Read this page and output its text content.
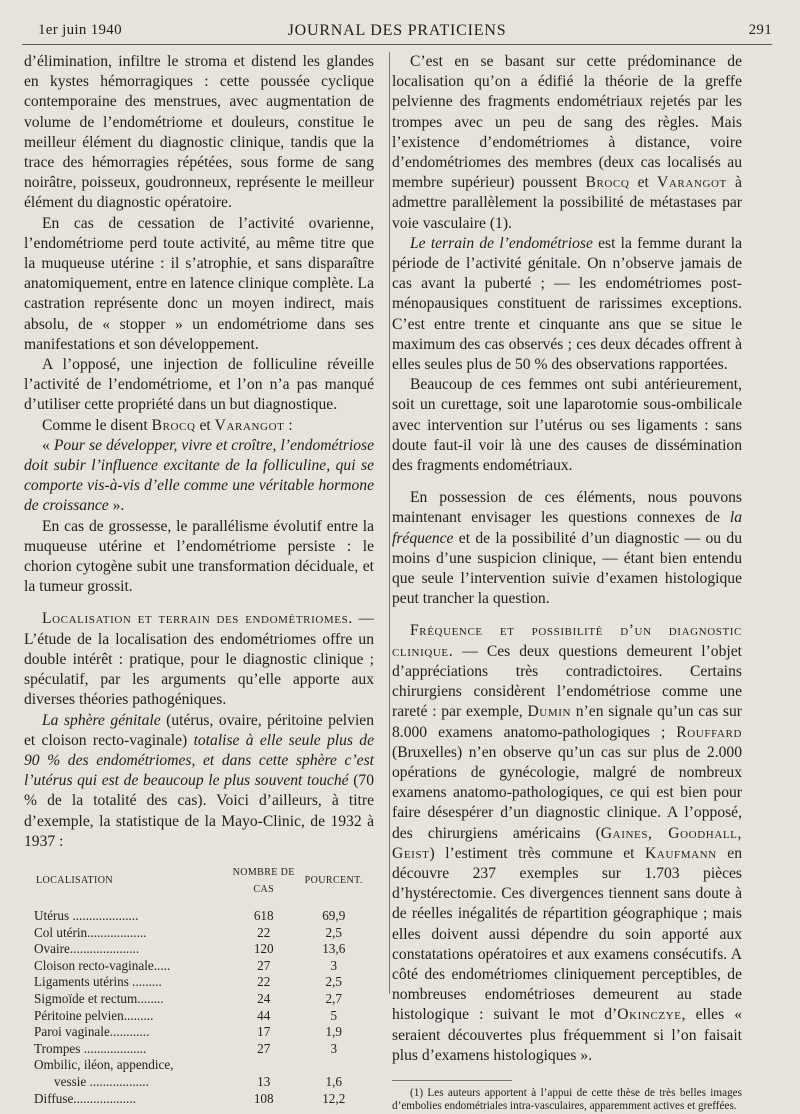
1er juin 1940	JOURNAL DES PRATICIENS	291

d’élimination, infiltre le stroma et distend les glandes en kystes hémorragiques : cette poussée cyclique contemporaine des menstrues, avec augmentation de volume de l’endométriome et douleurs, constitue le meilleur élément du diagnostic clinique, tandis que la trace des hémorragies répétées, sous forme de sang noirâtre, poisseux, goudronneux, représente le meilleur élément du diagnostic opératoire.

En cas de cessation de l’activité ovarienne, l’endométriome perd toute activité, au même titre que la muqueuse utérine : il s’atrophie, et sans disparaître anatomiquement, entre en latence clinique complète. La castration représente donc un moyen indirect, mais absolu, de « stopper » un endométriome dans ses manifestations et son développement.

A l’opposé, une injection de folliculine réveille l’activité de l’endométriome, et l’on n’a pas manqué d’utiliser cette propriété dans un but diagnostique.

Comme le disent Brocq et Varangot :

« Pour se développer, vivre et croître, l’endométriose doit subir l’influence excitante de la folliculine, qui se comporte vis-à-vis d’elle comme une véritable hormone de croissance ».

En cas de grossesse, le parallélisme évolutif entre la muqueuse utérine et l’endométriome persiste : le chorion cytogène subit une transformation déciduale, et la tumeur grossit.

Localisation et terrain des endométriomes. — L’étude de la localisation des endométriomes offre un double intérêt : pratique, pour le diagnostic clinique ; spéculatif, par les arguments qu’elle apporte aux diverses théories pathogéniques.

La sphère génitale (utérus, ovaire, péritoine pelvien et cloison recto-vaginale) totalise à elle seule plus de 90 % des endométriomes, et dans cette sphère c’est l’utérus qui est de beaucoup le plus souvent touché (70 % de la totalité des cas). Voici d’ailleurs, à titre d’exemple, la statistique de la Mayo-Clinic, de 1932 à 1937 :

LOCALISATION	NOMBRE DE CAS	POURCENT.
Utérus ....................	618	69,9
Col utérin..................	22	2,5
Ovaire.....................	120	13,6
Cloison recto-vaginale.....	27	3
Ligaments utérins .........	22	2,5
Sigmoïde et rectum........	24	2,7
Péritoine pelvien.........	44	5
Paroi vaginale............	17	1,9
Trompes ...................	27	3
Ombilic, iléon, appendice,		
vessie ..................	13	1,6
Diffuse...................	108	12,2

C’est en se basant sur cette prédominance de localisation qu’on a édifié la théorie de la greffe pelvienne des fragments endométriaux rejetés par les trompes avec un peu de sang des règles. Mais l’existence d’endométriomes à distance, voire d’endométriomes des membres (deux cas localisés au membre supérieur) poussent Brocq et Varangot à admettre parallèlement la possibilité de métastases par voie vasculaire (1).

Le terrain de l’endométriose est la femme durant la période de l’activité génitale. On n’observe jamais de cas avant la puberté ; — les endométriomes post-ménopausiques constituent de rarissimes exceptions. C’est entre trente et cinquante ans que se situe le maximum des cas observés ; ces deux décades offrent à elles seules plus de 50 % des observations rapportées.

Beaucoup de ces femmes ont subi antérieurement, soit un curettage, soit une laparotomie sous-ombilicale avec intervention sur l’utérus ou ses ligaments : sans doute faut-il voir là une des causes de dissémination des fragments endométriaux.

En possession de ces éléments, nous pouvons maintenant envisager les questions connexes de la fréquence et de la possibilité d’un diagnostic — ou du moins d’une suspicion clinique, — étant bien entendu que seule l’intervention suivie d’examen histologique peut trancher la question.

Fréquence et possibilité d’un diagnostic clinique. — Ces deux questions demeurent l’objet d’appréciations très contradictoires. Certains chirurgiens considèrent l’endométriose comme une rareté : par exemple, Dumin n’en signale qu’un cas sur 8.000 examens anatomo-pathologiques ; Rouffard (Bruxelles) n’en observe qu’un cas sur plus de 2.000 opérations de gynécologie, malgré de nombreux examens anatomo-pathologiques, ce qui est bien pour faire désespérer d’un diagnostic clinique. A l’opposé, des chirurgiens américains (Gaines, Goodhall, Geist) l’estiment très commune et Kaufmann en découvre 237 exemples sur 1.703 pièces d’hystérectomie. Ces divergences tiennent sans doute à de réelles inégalités de répartition géographique ; mais elles doivent aussi dépendre du soin apporté aux constatations opératoires et aux examens consécutifs. A côté des endométriomes cliniquement perceptibles, de nombreuses endométrioses demeurent au stade histologique : suivant le mot d’Okinczye, elles « seraient découvertes plus fréquemment si l’on faisait plus d’examens histologiques ».

(1) Les auteurs apportent à l’appui de cette thèse de très belles images d’embolies endométriales intra-vasculaires, apparemment actives et greffées.
